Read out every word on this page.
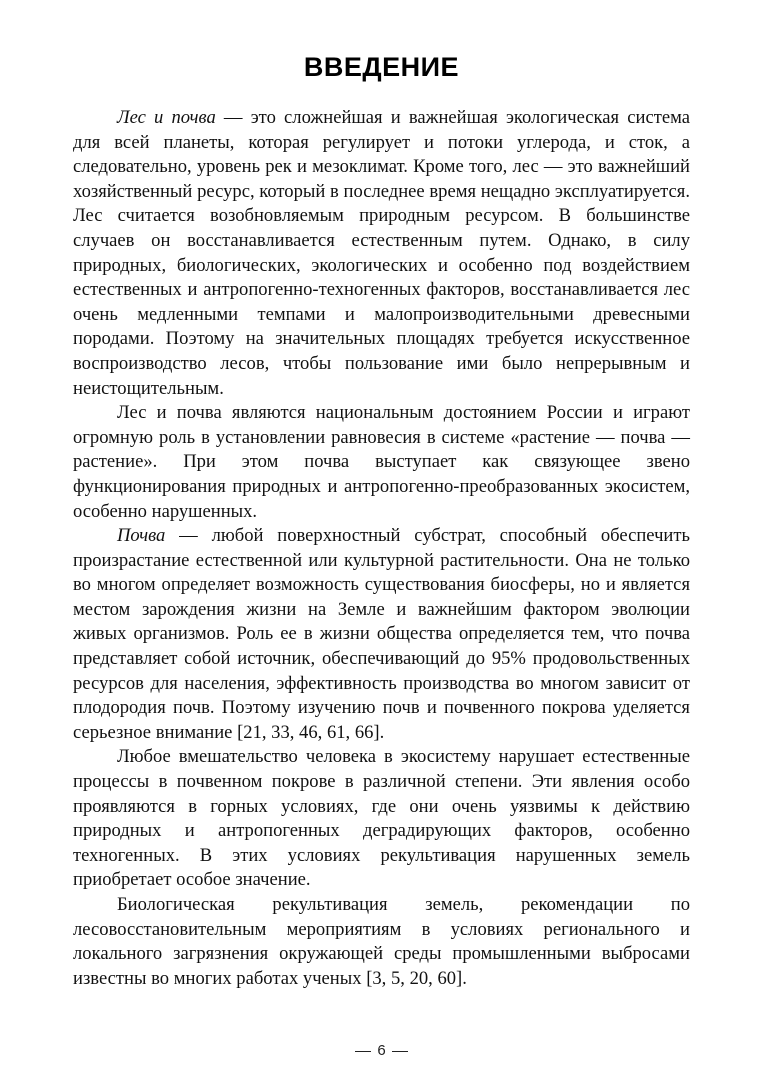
ВВЕДЕНИЕ

Лес и почва — это сложнейшая и важнейшая экологическая система для всей планеты, которая регулирует и потоки углерода, и сток, а следовательно, уровень рек и мезоклимат. Кроме того, лес — это важнейший хозяйственный ресурс, который в последнее время нещадно эксплуатируется. Лес считается возобновляемым природным ресурсом. В большинстве случаев он восстанавливается естественным путем. Однако, в силу природных, биологических, экологических и особенно под воздействием естественных и антропогенно-техногенных факторов, восстанавливается лес очень медленными темпами и малопроизводительными древесными породами. Поэтому на значительных площадях требуется искусственное воспроизводство лесов, чтобы пользование ими было непрерывным и неистощительным.

Лес и почва являются национальным достоянием России и играют огромную роль в установлении равновесия в системе «растение — почва — растение». При этом почва выступает как связующее звено функционирования природных и антропогенно-преобразованных экосистем, особенно нарушенных.

Почва — любой поверхностный субстрат, способный обеспечить произрастание естественной или культурной растительности. Она не только во многом определяет возможность существования биосферы, но и является местом зарождения жизни на Земле и важнейшим фактором эволюции живых организмов. Роль ее в жизни общества определяется тем, что почва представляет собой источник, обеспечивающий до 95% продовольственных ресурсов для населения, эффективность производства во многом зависит от плодородия почв. Поэтому изучению почв и почвенного покрова уделяется серьезное внимание [21, 33, 46, 61, 66].

Любое вмешательство человека в экосистему нарушает естественные процессы в почвенном покрове в различной степени. Эти явления особо проявляются в горных условиях, где они очень уязвимы к действию природных и антропогенных деградирующих факторов, особенно техногенных. В этих условиях рекультивация нарушенных земель приобретает особое значение.

Биологическая рекультивация земель, рекомендации по лесовосстановительным мероприятиям в условиях регионального и локального загрязнения окружающей среды промышленными выбросами известны во многих работах ученых [3, 5, 20, 60].

6
